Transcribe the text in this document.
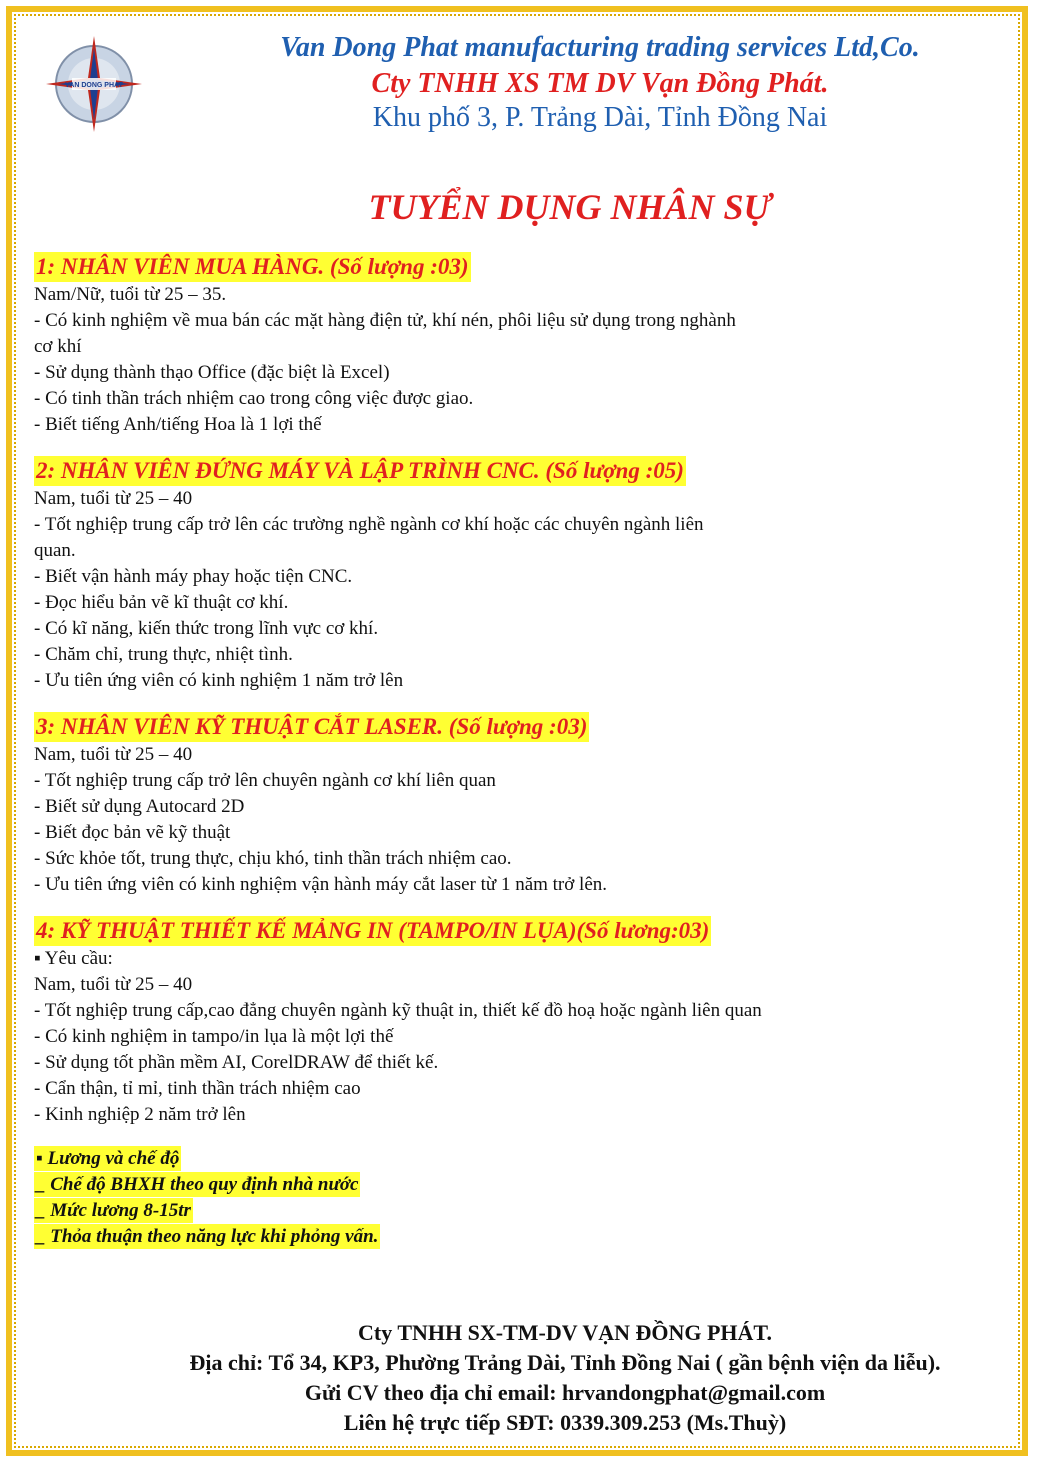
VAN DONG PHAT
Van Dong Phat manufacturing trading services Ltd,Co.
Cty TNHH XS TM DV Vạn Đồng Phát.
Khu phố 3, P. Trảng Dài, Tỉnh Đồng Nai
TUYỂN DỤNG NHÂN SỰ
1: NHÂN VIÊN MUA HÀNG. (Số lượng :03)
Nam/Nữ, tuổi từ 25 – 35.
- Có kinh nghiệm về mua bán các mặt hàng điện tử, khí nén, phôi liệu sử dụng trong nghành
cơ khí
- Sử dụng thành thạo Office (đặc biệt là Excel)
- Có tinh thần trách nhiệm cao trong công việc được giao.
- Biết tiếng Anh/tiếng Hoa là 1 lợi thế
2: NHÂN VIÊN ĐỨNG MÁY VÀ LẬP TRÌNH CNC. (Số lượng :05)
Nam, tuổi từ 25 – 40
- Tốt nghiệp trung cấp trở lên các trường nghề ngành cơ khí hoặc các chuyên ngành liên
quan.
- Biết vận hành máy phay hoặc tiện CNC.
- Đọc hiểu bản vẽ kĩ thuật cơ khí.
- Có kĩ năng, kiến thức trong lĩnh vực cơ khí.
- Chăm chỉ, trung thực, nhiệt tình.
- Ưu tiên ứng viên có kinh nghiệm 1 năm trở lên
3: NHÂN VIÊN KỸ THUẬT CẮT LASER. (Số lượng :03)
Nam, tuổi từ 25 – 40
- Tốt nghiệp trung cấp trở lên chuyên ngành cơ khí liên quan
- Biết sử dụng Autocard 2D
- Biết đọc bản vẽ kỹ thuật
- Sức khỏe tốt, trung thực, chịu khó, tinh thần trách nhiệm cao.
- Ưu tiên ứng viên có kinh nghiệm vận hành máy cắt laser từ 1 năm trở lên.
4: KỸ THUẬT THIẾT KẾ MẢNG IN (TAMPO/IN LỤA)(Số lương:03)
▪ Yêu cầu:
Nam, tuổi từ 25 – 40
- Tốt nghiệp trung cấp,cao đẳng chuyên ngành kỹ thuật in, thiết kế đồ hoạ hoặc ngành liên quan
- Có kinh nghiệm in tampo/in lụa là một lợi thế
- Sử dụng tốt phần mềm AI, CorelDRAW để thiết kế.
- Cẩn thận, tỉ mỉ, tinh thần trách nhiệm cao
- Kinh nghiệp 2 năm trở lên
▪ Lương và chế độ
_ Chế độ BHXH theo quy định nhà nước
_ Mức lương 8-15tr
_ Thỏa thuận theo năng lực khi phỏng vấn.
Cty TNHH SX-TM-DV VẠN ĐỒNG PHÁT.
Địa chỉ: Tổ 34, KP3, Phường Trảng Dài, Tỉnh Đồng Nai ( gần bệnh viện da liễu).
Gửi CV theo địa chỉ email: hrvandongphat@gmail.com
Liên hệ trực tiếp SĐT: 0339.309.253 (Ms.Thuỳ)
